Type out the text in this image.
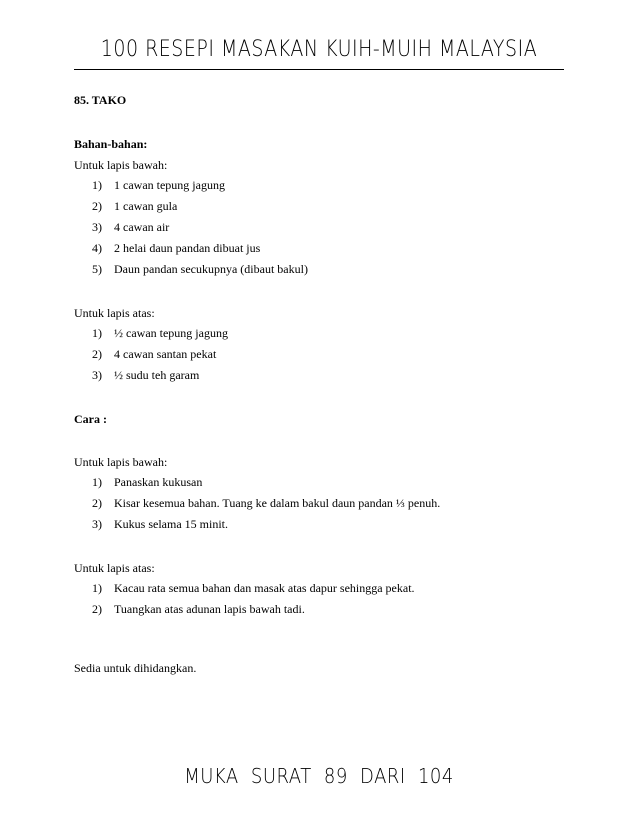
100 RESEPI MASAKAN KUIH-MUIH MALAYSIA
85. TAKO
Bahan-bahan:
Untuk lapis bawah:
1) 1 cawan tepung jagung
2) 1 cawan gula
3) 4 cawan air
4) 2 helai daun pandan dibuat jus
5) Daun pandan secukupnya (dibaut bakul)
Untuk lapis atas:
1) ½ cawan tepung jagung
2) 4 cawan santan pekat
3) ½ sudu teh garam
Cara :
Untuk lapis bawah:
1) Panaskan kukusan
2) Kisar kesemua bahan. Tuang ke dalam bakul daun pandan ⅓ penuh.
3) Kukus selama 15 minit.
Untuk lapis atas:
1) Kacau rata semua bahan dan masak atas dapur sehingga pekat.
2) Tuangkan atas adunan lapis bawah tadi.
Sedia untuk dihidangkan.
MUKA SURAT 89 DARI 104
